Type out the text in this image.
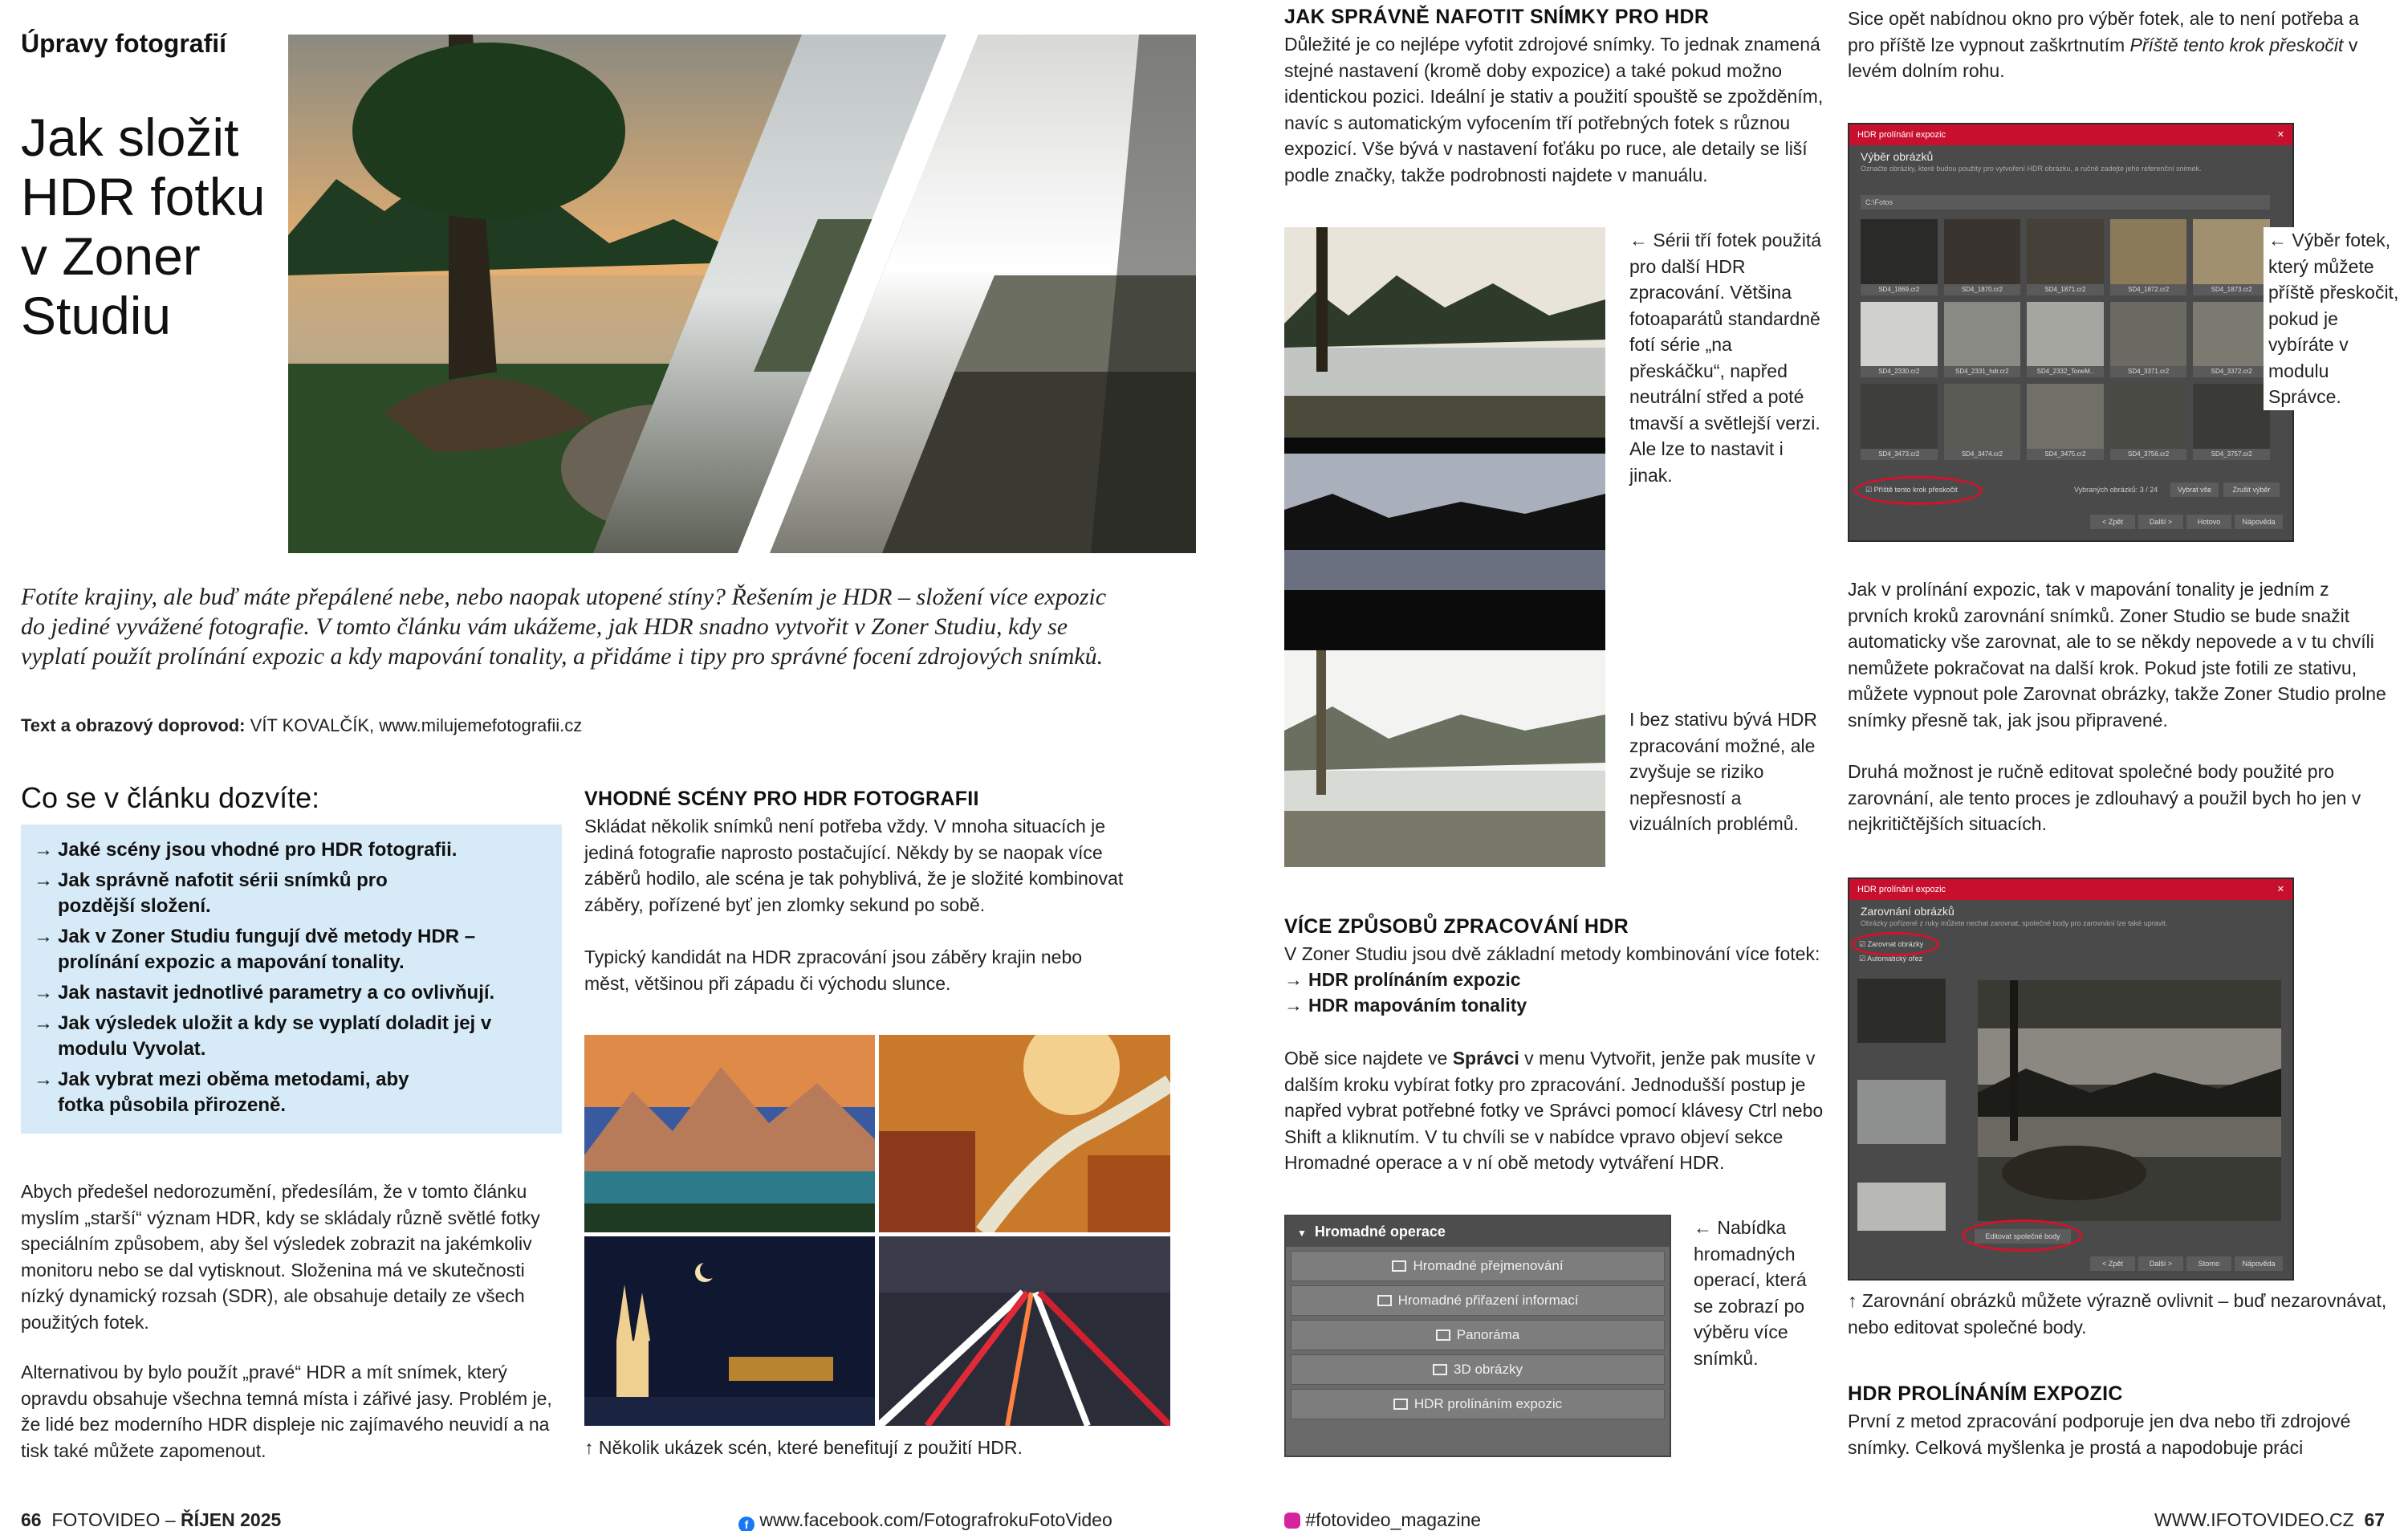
Úpravy fotografií
Jak složit
HDR fotku
v Zoner
Studiu
Fotíte krajiny, ale buď máte přepálené nebe, nebo naopak utopené stíny? Řešením je HDR – složení více expozic do jediné vyvážené fotografie. V tomto článku vám ukážeme, jak HDR snadno vytvořit v Zoner Studiu, kdy se vyplatí použít prolínání expozic a kdy mapování tonality, a přidáme i tipy pro správné focení zdrojových snímků.
Text a obrazový doprovod: VÍT KOVALČÍK, www.milujemefotografii.cz
Co se v článku dozvíte:
→ Jaké scény jsou vhodné pro HDR fotografii.
→ Jak správně nafotit sérii snímků pro pozdější složení.
→ Jak v Zoner Studiu fungují dvě metody HDR – prolínání expozic a mapování tonality.
→ Jak nastavit jednotlivé parametry a co ovlivňují.
→ Jak výsledek uložit a kdy se vyplatí doladit jej v modulu Vyvolat.
→ Jak vybrat mezi oběma metodami, aby fotka působila přirozeně.
Abych předešel nedorozumění, předesílám, že v tomto článku myslím „starší“ význam HDR, kdy se skládaly různě světlé fotky speciálním způsobem, aby šel výsledek zobrazit na jakémkoliv monitoru nebo se dal vytisknout. Složenina má ve skutečnosti nízký dynamický rozsah (SDR), ale obsahuje detaily ze všech použitých fotek.
Alternativou by bylo použít „pravé“ HDR a mít snímek, který opravdu obsahuje všechna temná místa i zářivé jasy. Problém je, že lidé bez moderního HDR displeje nic zajímavého neuvidí a na tisk také můžete zapomenout.
VHODNÉ SCÉNY PRO HDR FOTOGRAFII
Skládat několik snímků není potřeba vždy. V mnoha situacích je jediná fotografie naprosto postačující. Někdy by se naopak více záběrů hodilo, ale scéna je tak pohyblivá, že je složité kombinovat záběry, pořízené byť jen zlomky sekund po sobě.
Typický kandidát na HDR zpracování jsou záběry krajin nebo měst, většinou při západu či východu slunce.
↑ Několik ukázek scén, které benefitují z použití HDR.
JAK SPRÁVNĚ NAFOTIT SNÍMKY PRO HDR
Důležité je co nejlépe vyfotit zdrojové snímky. To jednak znamená stejné nastavení (kromě doby expozice) a také pokud možno identickou pozici. Ideální je stativ a použití spouště se zpožděním, navíc s automatickým vyfocením tří potřebných fotek s různou expozicí. Vše bývá v nastavení foťáku po ruce, ale detaily se liší podle značky, takže podrobnosti najdete v manuálu.
← Sérii tří fotek použitá pro další HDR zpracování. Většina fotoaparátů standardně fotí série „na přeskáčku“, napřed neutrální střed a poté tmavší a světlejší verzi. Ale lze to nastavit i jinak.
I bez stativu bývá HDR zpracování možné, ale zvyšuje se riziko nepřesností a vizuálních problémů.
VÍCE ZPŮSOBŮ ZPRACOVÁNÍ HDR
V Zoner Studiu jsou dvě základní metody kombinování více fotek:
→ HDR prolínáním expozic
→ HDR mapováním tonality
Obě sice najdete ve Správci v menu Vytvořit, jenže pak musíte v dalším kroku vybírat fotky pro zpracování. Jednodušší postup je napřed vybrat potřebné fotky ve Správci pomocí klávesy Ctrl nebo Shift a kliknutím. V tu chvíli se v nabídce vpravo objeví sekce Hromadné operace a v ní obě metody vytváření HDR.
▼ Hromadné operace
Hromadné přejmenování
Hromadné přiřazení informací
Panoráma
3D obrázky
HDR prolínáním expozic
← Nabídka hromadných operací, která se zobrazí po výběru více snímků.
Sice opět nabídnou okno pro výběr fotek, ale to není potřeba a pro příště lze vypnout zaškrtnutím Příště tento krok přeskočit v levém dolním rohu.
HDR prolínání expozic	✕
Výběr obrázků
Označte obrázky, které budou použity pro vytvoření HDR obrázku, a ručně zadejte jeho referenční snímek.
C:\Fotos
SD4_1869.cr2	SD4_1870.cr2	SD4_1871.cr2	SD4_1872.cr2	SD4_1873.cr2
SD4_2330.cr2	SD4_2331_hdr.cr2	SD4_2332_ToneM..	SD4_3371.cr2	SD4_3372.cr2
SD4_3473.cr2	SD4_3474.cr2	SD4_3475.cr2	SD4_3756.cr2	SD4_3757.cr2
☑ Příště tento krok přeskočit	Vybraných obrázků: 3 / 24	Vybrat vše	Zrušit výběr
< Zpět	Další >	Hotovo	Nápověda
← Výběr fotek, který můžete příště přeskočit, pokud je vybíráte v modulu Správce.
Jak v prolínání expozic, tak v mapování tonality je jedním z prvních kroků zarovnání snímků. Zoner Studio se bude snažit automaticky vše zarovnat, ale to se někdy nepovede a v tu chvíli nemůžete pokračovat na další krok. Pokud jste fotili ze stativu, můžete vypnout pole Zarovnat obrázky, takže Zoner Studio prolne snímky přesně tak, jak jsou připravené.
Druhá možnost je ručně editovat společné body použité pro zarovnání, ale tento proces je zdlouhavý a použil bych ho jen v nejkritičtějších situacích.
HDR prolínání expozic	✕
Zarovnání obrázků
Obrázky pořízené z ruky můžete nechat zarovnat, společné body pro zarovnání lze také upravit.
☑ Zarovnat obrázky
☑ Automatický ořez
Editovat společné body
< Zpět	Další >	Storno	Nápověda
↑ Zarovnání obrázků můžete výrazně ovlivnit – buď nezarovnávat, nebo editovat společné body.
HDR PROLÍNÁNÍM EXPOZIC
První z metod zpracování podporuje jen dva nebo tři zdrojové snímky. Celková myšlenka je prostá a napodobuje práci
66 FOTOVIDEO – ŘÍJEN 2025	f www.facebook.com/FotografrokuFotoVideo	#fotovideo_magazine	WWW.IFOTOVIDEO.CZ 67
